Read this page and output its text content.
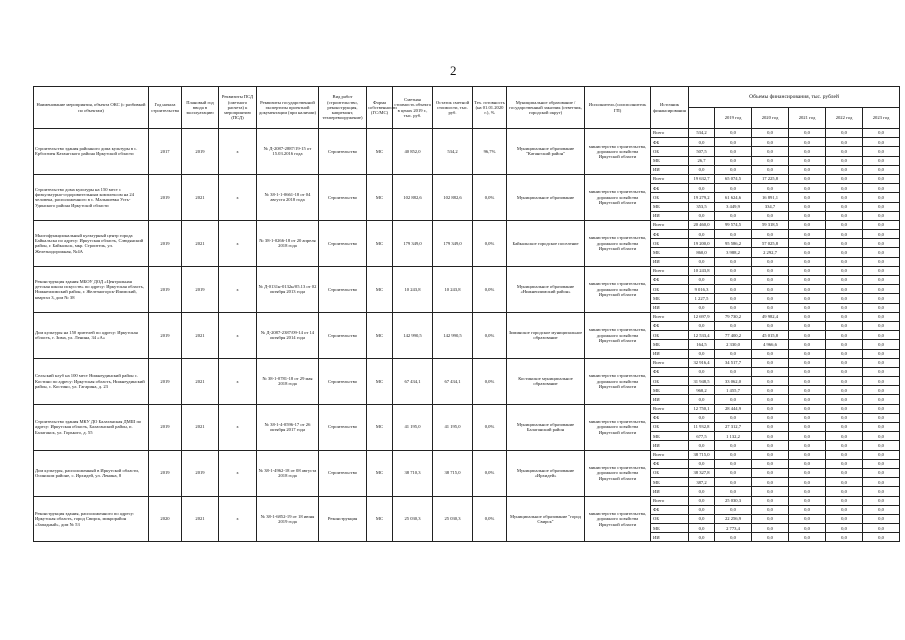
2
Наименование мероприятия, объекта ОКС (с разбивкой по объектам)	Год начала строительства	Плановый год ввода в эксплуатацию	Реквизиты ПСД (сметного расчета) к мероприятию (ПСД)	Реквизиты государственной экспертизы проектной документации (при наличии)	Вид работ (строительство, реконструкция, капремонт, техперевооружение)	Форма собственности (ГС/МС)	Сметная стоимость объекта в ценах 2019 г., тыс. руб.	Остаток сметной стоимости, тыс. руб.	Тех. готовность (на 01.01.2020 г.), %	Муниципальное образование / государственный заказчик (ответчик, городской округ)	Исполнитель (соисполнитель ГП)	Источник финансирования	Объемы финансирования, тыс. рублей						
														2019 год	2020 год	2021 год	2022 год	2023 год	
Строительство здания районного дома культуры в с. Ербогачен Катангского района Иркутской области	2017	2019	х	№ Д-2087-2887/19-15 от 15.03.2016 года	Строительство	МС	40 852,0	534,2	96,7%	Муниципальное образование "Катангский район"	министерство строительства, дорожного хозяйства Иркутской области	Всего	534,2	0,0	0,0	0,0	0,0	0,0	
												ФБ	0,0	0,0	0,0	0,0	0,0	0,0	
												ОБ	507,5	0,0	0,0	0,0	0,0	0,0	
												МБ	26,7	0,0	0,0	0,0	0,0	0,0	
												ИИ	0,0	0,0	0,0	0,0	0,0	0,0	
Строительство дома культуры на 150 мест с физкультурно-оздоровительным комплексом на 24 человека, расположенного в с. Малышевка Усть-Удинского района Иркутской области	2019	2021	х	№ 38-1-1-0661-18 от 04 августа 2018 года	Строительство	МС	102 882,6	102 882,6	0,0%	Муниципальное образование	министерство строительства, дорожного хозяйства Иркутской области	Всего	19 632,7	65 074,5	17 225,8	0,0	0,0	0,0	
												ФБ	0,0	0,0	0,0	0,0	0,0	0,0	
												ОБ	19 279,2	61 624,6	16 891,1	0,0	0,0	0,0	
												МБ	353,5	3 449,9	334,7	0,0	0,0	0,0	
												ИИ	0,0	0,0	0,0	0,0	0,0	0,0	
Многофункциональный культурный центр города Байкальска по адресу: Иркутская область, Слюдянский район, г. Байкальск, мкр. Строитель, ул. Железнодорожная, №4А	2019	2021	х	№ 38-1-0266-18 от 20 апреля 2018 года	Строительство	МС	179 349,0	179 349,0	0,0%	Байкальское городское поселение	министерство строительства, дорожного хозяйства Иркутской области	Всего	20 460,0	99 574,5	59 318,5	0,0	0,0	0,0	
												ФБ	0,0	0,0	0,0	0,0	0,0	0,0	
												ОБ	19 200,0	95 586,2	57 025,8	0,0	0,0	0,0	
												МБ	860,0	3 988,2	2 292,7	0,0	0,0	0,0	
												ИИ	0,0	0,0	0,0	0,0	0,0	0,0	
Реконструкция здания МБОУ ДОД «Центральная детская школа искусств» по адресу: Иркутская область, Нижнеилимский район, г. Железногорск-Илимский, квартал 3, дом № 38	2019	2019	х	№ Д-0131н-0132н/05.13 от 02 октября 2013 года	Строительство	МС	10 243,8	10 243,8	0,0%	Муниципальное образование «Нижнеилимский район»	министерство строительства, дорожного хозяйства Иркутской области	Всего	10 243,8	0,0	0,0	0,0	0,0	0,0	
												ФБ	0,0	0,0	0,0	0,0	0,0	0,0	
												ОБ	9 016,3	0,0	0,0	0,0	0,0	0,0	
												МБ	1 227,5	0,0	0,0	0,0	0,0	0,0	
												ИИ	0,0	0,0	0,0	0,0	0,0	0,0	
Дом культуры на 150 зрителей по адресу: Иркутская область, г. Зима, ул. Ленина, 34 «А»	2019	2021	х	№ Д-2087-2387/09-14 от 14 октября 2014 года	Строительство	МС	142 990,5	142 990,5	0,0%	Зиминское городское муниципальное образование	министерство строительства, дорожного хозяйства Иркутской области	Всего	12 697,9	79 730,2	49 982,4	0,0	0,0	0,0	
												ФБ	0,0	0,0	0,0	0,0	0,0	0,0	
												ОБ	12 533,4	77 400,2	45 015,8	0,0	0,0	0,0	
												МБ	164,5	2 330,0	4 966,6	0,0	0,0	0,0	
												ИИ	0,0	0,0	0,0	0,0	0,0	0,0	
Сельский клуб на 100 мест Нижнеудинский район с. Костино по адресу: Иркутская область, Нижнеудинский район, с. Костино, ул. Гагарина, д. 23	2019	2021	х	№ 38-1-0781-18 от 29 мая 2018 года	Строительство	МС	67 434,1	67 434,1	0,0%	Костинское муниципальное образование	министерство строительства, дорожного хозяйства Иркутской области	Всего	32 916,4	34 517,7	0,0	0,0	0,0	0,0	
												ФБ	0,0	0,0	0,0	0,0	0,0	0,0	
												ОБ	31 948,5	33 062,0	0,0	0,0	0,0	0,0	
												МБ	968,2	1 455,7	0,0	0,0	0,0	0,0	
												ИИ	0,0	0,0	0,0	0,0	0,0	0,0	
Строительство здания МКУ ДО Балаганская ДМШ по адресу: Иркутская область, Балаганский район, п. Балаганск, ул. Горького, д. 55	2019	2021	х	№ 38-1-4-0596-17 от 26 октября 2017 года	Строительство	МС	41 195,0	41 195,0	0,0%	Муниципальное образование Балаганский район	министерство строительства, дорожного хозяйства Иркутской области	Всего	12 750,1	28 444,9	0,0	0,0	0,0	0,0	
												ФБ	0,0	0,0	0,0	0,0	0,0	0,0	
												ОБ	11 932,8	27 312,7	0,0	0,0	0,0	0,0	
												МБ	677,5	1 132,2	0,0	0,0	0,0	0,0	
												ИИ	0,0	0,0	0,0	0,0	0,0	0,0	
Дом культуры, расположенный в Иркутской области, Осинском районе, с. Ирхидей, ул. Ленина, 8	2019	2019	х	№ 38-1-4962-18 от 08 августа 2018 года	Строительство	МС	38 710,3	38 715,0	0,0%	Муниципальное образование «Ирхидей»	министерство строительства, дорожного хозяйства Иркутской области	Всего	38 715,0	0,0	0,0	0,0	0,0	0,0	
												ФБ	0,0	0,0	0,0	0,0	0,0	0,0	
												ОБ	38 327,8	0,0	0,0	0,0	0,0	0,0	
												МБ	387,2	0,0	0,0	0,0	0,0	0,0	
												ИИ	0,0	0,0	0,0	0,0	0,0	0,0	
Реконструкция здания, расположенного по адресу: Иркутская область, город Свирск, микрорайон «Западный», дом № 53	2020	2021	х	№ 38-1-6852-19 от 18 июня 2019 года	Реконструкция	МС	25 030,3	25 030,3	0,0%	Муниципальное образование "город Свирск"	министерство строительства, дорожного хозяйства Иркутской области	Всего	0,0	25 030,3	0,0	0,0	0,0	0,0	
												ФБ	0,0	0,0	0,0	0,0	0,0	0,0	
												ОБ	0,0	22 256,9	0,0	0,0	0,0	0,0	
												МБ	0,0	2 773,4	0,0	0,0	0,0	0,0	
												ИИ	0,0	0,0	0,0	0,0	0,0	0,0	
